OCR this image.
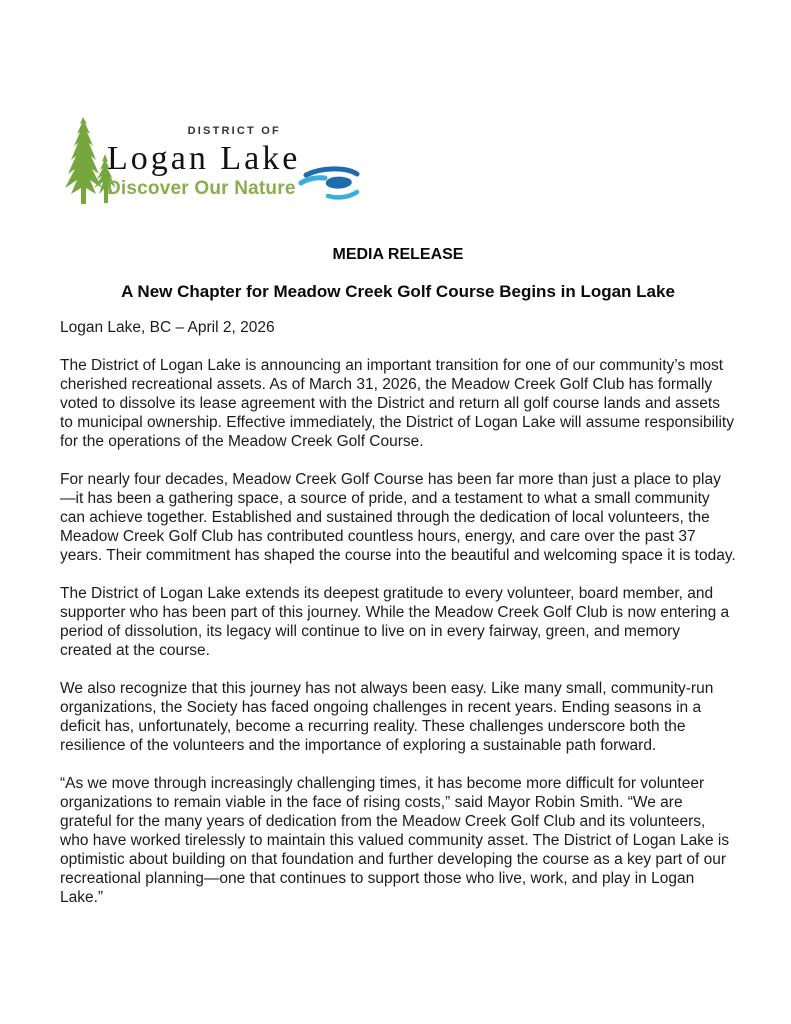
DISTRICT OF
Logan Lake
Discover Our Nature
MEDIA RELEASE
A New Chapter for Meadow Creek Golf Course Begins in Logan Lake

Logan Lake, BC – April 2, 2026

The District of Logan Lake is announcing an important transition for one of our community’s most cherished recreational assets. As of March 31, 2026, the Meadow Creek Golf Club has formally voted to dissolve its lease agreement with the District and return all golf course lands and assets to municipal ownership. Effective immediately, the District of Logan Lake will assume responsibility for the operations of the Meadow Creek Golf Course.

For nearly four decades, Meadow Creek Golf Course has been far more than just a place to play—it has been a gathering space, a source of pride, and a testament to what a small community can achieve together. Established and sustained through the dedication of local volunteers, the Meadow Creek Golf Club has contributed countless hours, energy, and care over the past 37 years. Their commitment has shaped the course into the beautiful and welcoming space it is today.

The District of Logan Lake extends its deepest gratitude to every volunteer, board member, and supporter who has been part of this journey. While the Meadow Creek Golf Club is now entering a period of dissolution, its legacy will continue to live on in every fairway, green, and memory created at the course.

We also recognize that this journey has not always been easy. Like many small, community-run organizations, the Society has faced ongoing challenges in recent years. Ending seasons in a deficit has, unfortunately, become a recurring reality. These challenges underscore both the resilience of the volunteers and the importance of exploring a sustainable path forward.

“As we move through increasingly challenging times, it has become more difficult for volunteer organizations to remain viable in the face of rising costs,” said Mayor Robin Smith. “We are grateful for the many years of dedication from the Meadow Creek Golf Club and its volunteers, who have worked tirelessly to maintain this valued community asset. The District of Logan Lake is optimistic about building on that foundation and further developing the course as a key part of our recreational planning—one that continues to support those who live, work, and play in Logan Lake.”
